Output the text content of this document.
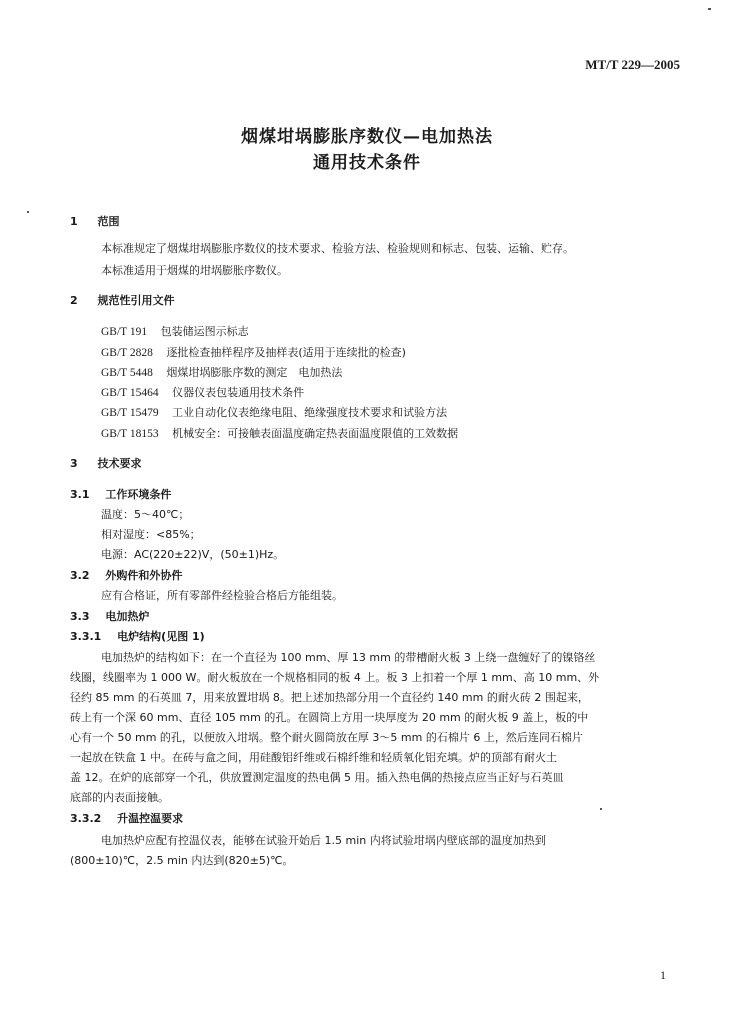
MT/T 229—2005
烟煤坩埚膨胀序数仪—电加热法
通用技术条件
1 范围
本标准规定了烟煤坩埚膨胀序数仪的技术要求、检验方法、检验规则和标志、包装、运输、贮存。
本标准适用于烟煤的坩埚膨胀序数仪。
2 规范性引用文件
GB/T 191 包装储运图示标志
GB/T 2828 逐批检查抽样程序及抽样表(适用于连续批的检查)
GB/T 5448 烟煤坩埚膨胀序数的测定　电加热法
GB/T 15464 仪器仪表包装通用技术条件
GB/T 15479 工业自动化仪表绝缘电阻、绝缘强度技术要求和试验方法
GB/T 18153 机械安全：可接触表面温度确定热表面温度限值的工效数据
3 技术要求
3.1 工作环境条件
温度：5～40℃；
相对湿度：<85%；
电源：AC(220±22)V，(50±1)Hz。
3.2 外购件和外协件
应有合格证，所有零部件经检验合格后方能组装。
3.3 电加热炉
3.3.1 电炉结构(见图 1)
电加热炉的结构如下：在一个直径为 100 mm、厚 13 mm 的带槽耐火板 3 上绕一盘缠好了的镍铬丝
线圈，线圈率为 1 000 W。耐火板放在一个规格相同的板 4 上。板 3 上扣着一个厚 1 mm、高 10 mm、外
径约 85 mm 的石英皿 7，用来放置坩埚 8。把上述加热部分用一个直径约 140 mm 的耐火砖 2 围起来，
砖上有一个深 60 mm、直径 105 mm 的孔。在圆筒上方用一块厚度为 20 mm 的耐火板 9 盖上，板的中
心有一个 50 mm 的孔，以便放入坩埚。整个耐火圆筒放在厚 3～5 mm 的石棉片 6 上，然后连同石棉片
一起放在铁盒 1 中。在砖与盒之间，用硅酸铝纤维或石棉纤维和轻质氧化铝充填。炉的顶部有耐火土
盖 12。在炉的底部穿一个孔，供放置测定温度的热电偶 5 用。插入热电偶的热接点应当正好与石英皿
底部的内表面接触。
3.3.2 升温控温要求
电加热炉应配有控温仪表，能够在试验开始后 1.5 min 内将试验坩埚内壁底部的温度加热到
(800±10)℃，2.5 min 内达到(820±5)℃。
1
